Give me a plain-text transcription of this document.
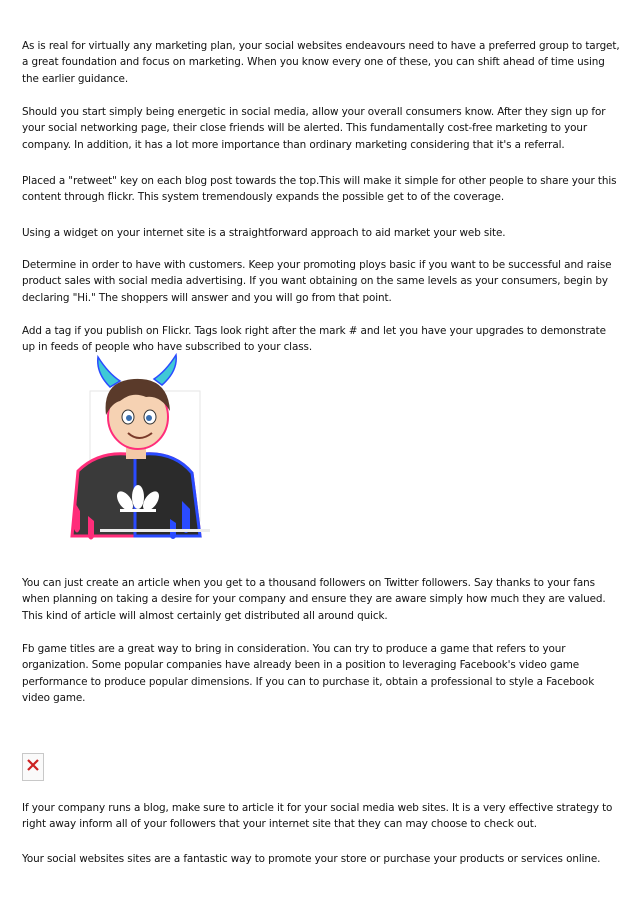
As is real for virtually any marketing plan, your social websites endeavours need to have a preferred group to target, a great foundation and focus on marketing. When you know every one of these, you can shift ahead of time using the earlier guidance.

Should you start simply being energetic in social media, allow your overall consumers know. After they sign up for your social networking page, their close friends will be alerted. This fundamentally cost-free marketing to your company. In addition, it has a lot more importance than ordinary marketing considering that it's a referral.

Placed a "retweet" key on each blog post towards the top.This will make it simple for other people to share your this content through flickr. This system tremendously expands the possible get to of the coverage.

Using a widget on your internet site is a straightforward approach to aid market your web site.

Determine in order to have with customers. Keep your promoting ploys basic if you want to be successful and raise product sales with social media advertising. If you want obtaining on the same levels as your consumers, begin by declaring "Hi." The shoppers will answer and you will go from that point.

Add a tag if you publish on Flickr. Tags look right after the mark # and let you have your upgrades to demonstrate up in feeds of people who have subscribed to your class.

You can just create an article when you get to a thousand followers on Twitter followers. Say thanks to your fans when planning on taking a desire for your company and ensure they are aware simply how much they are valued. This kind of article will almost certainly get distributed all around quick.

Fb game titles are a great way to bring in consideration. You can try to produce a game that refers to your organization. Some popular companies have already been in a position to leveraging Facebook's video game performance to produce popular dimensions. If you can to purchase it, obtain a professional to style a Facebook video game.

If your company runs a blog, make sure to article it for your social media web sites. It is a very effective strategy to right away inform all of your followers that your internet site that they can may choose to check out.

Your social websites sites are a fantastic way to promote your store or purchase your products or services online.
